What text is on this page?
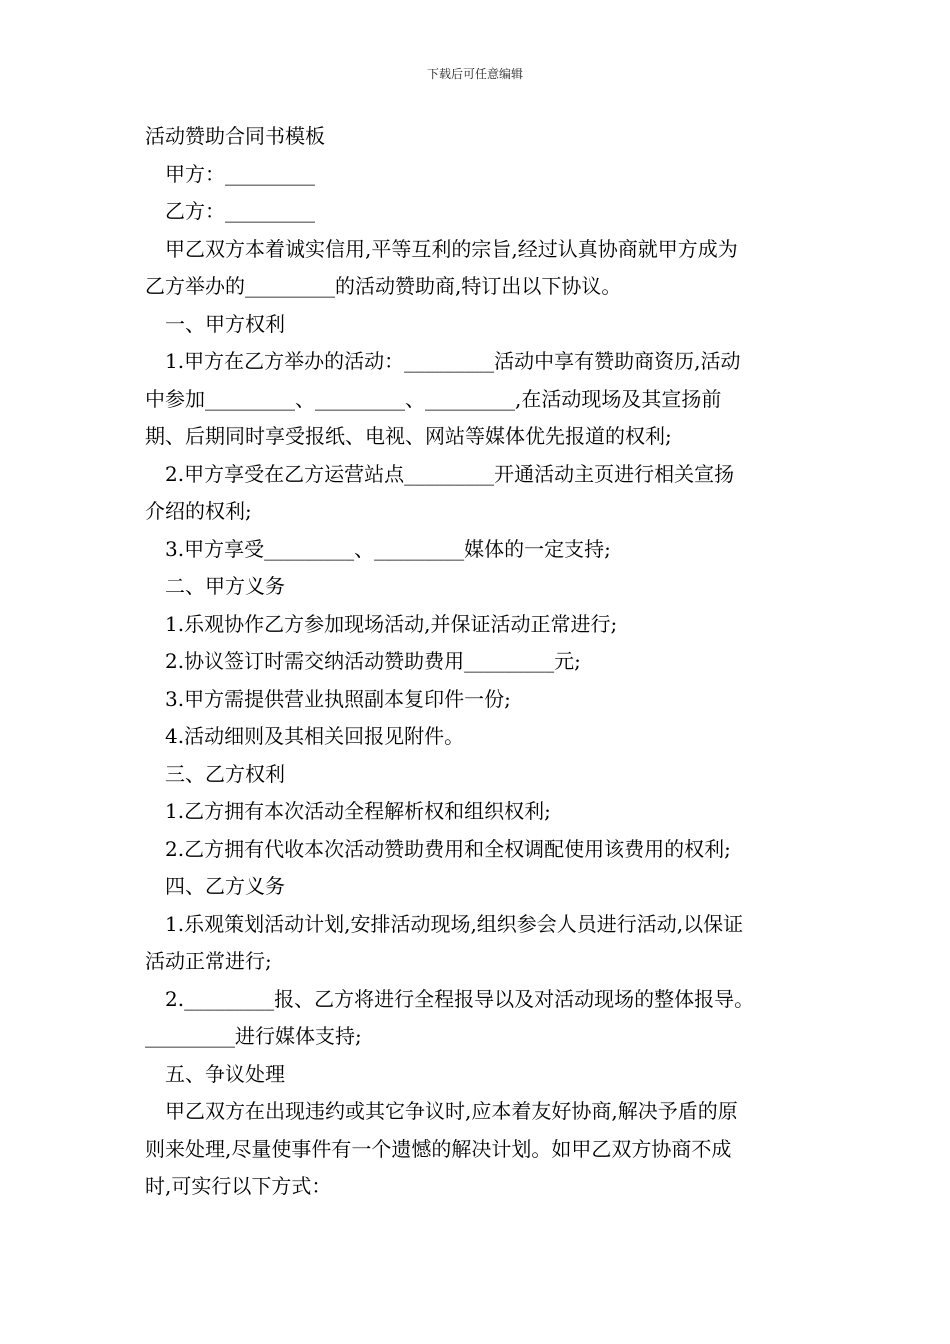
下载后可任意编辑

活动赞助合同书模板

甲方：_________

乙方：_________

甲乙双方本着诚实信用,平等互利的宗旨,经过认真协商就甲方成为

乙方举办的_________的活动赞助商,特订出以下协议。

一、甲方权利

1.甲方在乙方举办的活动：_________活动中享有赞助商资历,活动

中参加_________、_________、_________,在活动现场及其宣扬前

期、后期同时享受报纸、电视、网站等媒体优先报道的权利;

2.甲方享受在乙方运营站点_________开通活动主页进行相关宣扬

介绍的权利;

3.甲方享受_________、_________媒体的一定支持;

二、甲方义务

1.乐观协作乙方参加现场活动,并保证活动正常进行;

2.协议签订时需交纳活动赞助费用_________元;

3.甲方需提供营业执照副本复印件一份;

4.活动细则及其相关回报见附件。

三、乙方权利

1.乙方拥有本次活动全程解析权和组织权利;

2.乙方拥有代收本次活动赞助费用和全权调配使用该费用的权利;

四、乙方义务

1.乐观策划活动计划,安排活动现场,组织参会人员进行活动,以保证

活动正常进行;

2._________报、乙方将进行全程报导以及对活动现场的整体报导。

_________进行媒体支持;

五、争议处理

甲乙双方在出现违约或其它争议时,应本着友好协商,解决予盾的原

则来处理,尽量使事件有一个遗憾的解决计划。如甲乙双方协商不成

时,可实行以下方式：
